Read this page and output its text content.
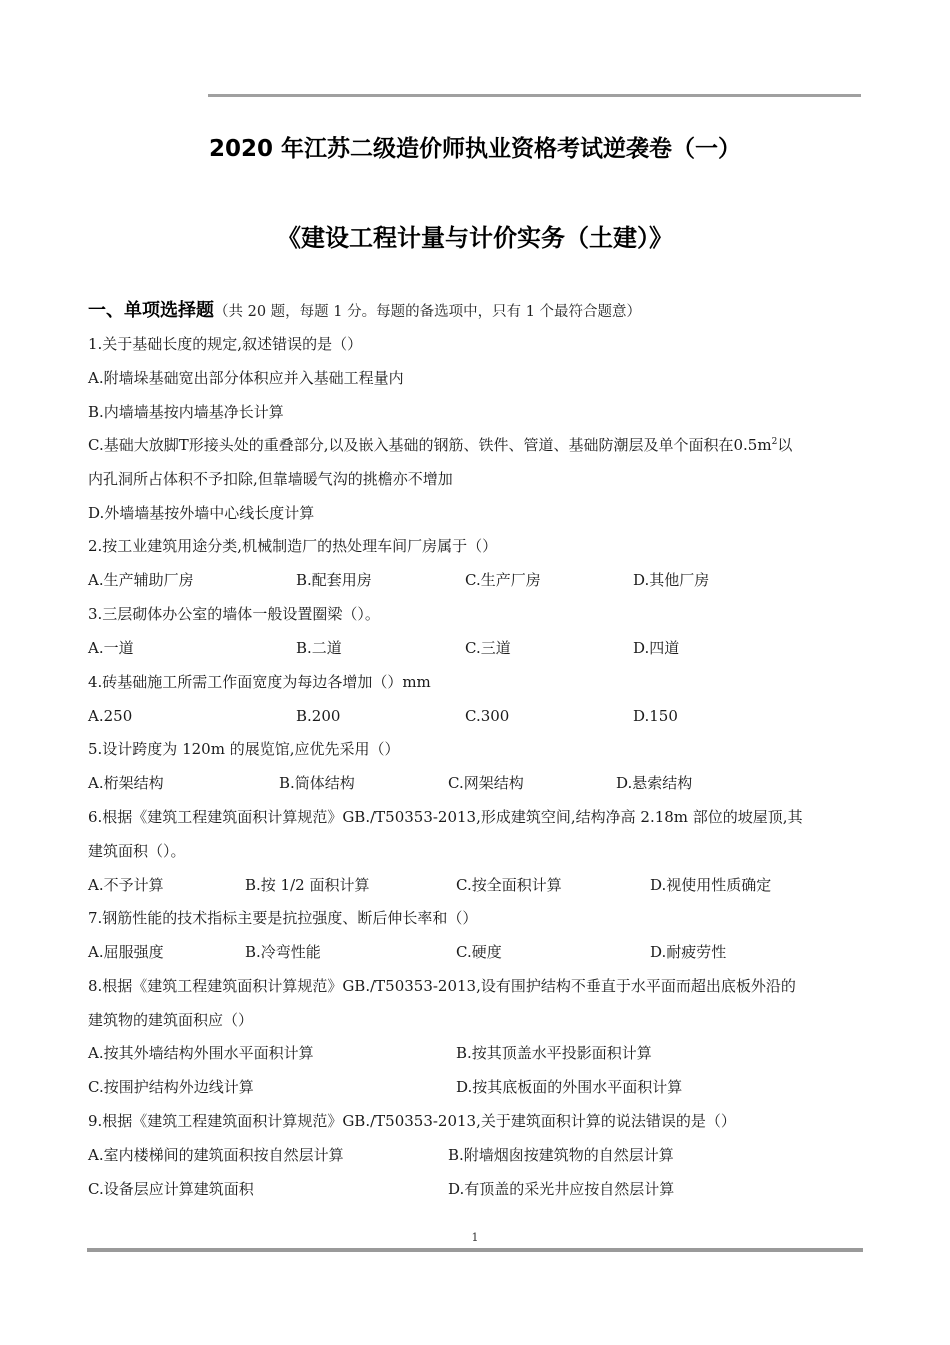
2020 年江苏二级造价师执业资格考试逆袭卷（一）
《建设工程计量与计价实务（土建）》
一、单项选择题（共 20 题，每题 1 分。每题的备选项中，只有 1 个最符合题意）
1.关于基础长度的规定,叙述错误的是（）
A.附墙垛基础宽出部分体积应并入基础工程量内
B.内墙墙基按内墙基净长计算
C.基础大放脚T形接头处的重叠部分,以及嵌入基础的钢筋、铁件、管道、基础防潮层及单个面积在$0.5m^2$以
内孔洞所占体积不予扣除,但靠墙暖气沟的挑檐亦不增加
D.外墙墙基按外墙中心线长度计算
2.按工业建筑用途分类,机械制造厂的热处理车间厂房属于（）
A.生产辅助厂房	B.配套用房	C.生产厂房	D.其他厂房
3.三层砌体办公室的墙体一般设置圈梁（）。
A.一道	B.二道	C.三道	D.四道
4.砖基础施工所需工作面宽度为每边各增加（）mm
A.250	B.200	C.300	D.150
5.设计跨度为 120m 的展览馆,应优先采用（）
A.桁架结构	B.筒体结构	C.网架结构	D.悬索结构
6.根据《建筑工程建筑面积计算规范》GB./T50353-2013,形成建筑空间,结构净高 2.18m 部位的坡屋顶,其
建筑面积（）。
A.不予计算	B.按 1/2 面积计算	C.按全面积计算	D.视使用性质确定
7.钢筋性能的技术指标主要是抗拉强度、断后伸长率和（）
A.屈服强度	B.冷弯性能	C.硬度	D.耐疲劳性
8.根据《建筑工程建筑面积计算规范》GB./T50353-2013,设有围护结构不垂直于水平面而超出底板外沿的
建筑物的建筑面积应（）
A.按其外墙结构外围水平面积计算	B.按其顶盖水平投影面积计算
C.按围护结构外边线计算	D.按其底板面的外围水平面积计算
9.根据《建筑工程建筑面积计算规范》GB./T50353-2013,关于建筑面积计算的说法错误的是（）
A.室内楼梯间的建筑面积按自然层计算	B.附墙烟囱按建筑物的自然层计算
C.设备层应计算建筑面积	D.有顶盖的采光井应按自然层计算
1
